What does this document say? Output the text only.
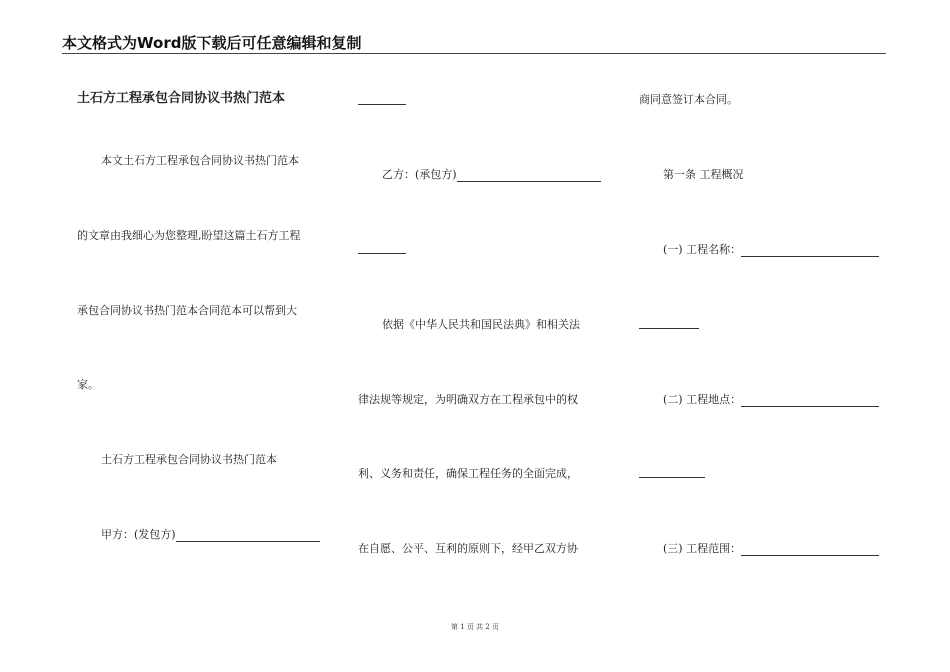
本文格式为Word版下载后可任意编辑和复制
土石方工程承包合同协议书热门范本
本文土石方工程承包合同协议书热门范本
的文章由我细心为您整理,盼望这篇土石方工程
承包合同协议书热门范本合同范本可以帮到大
家。
土石方工程承包合同协议书热门范本
甲方：(发包方)
乙方：(承包方)
依据《中华人民共和国民法典》和相关法
律法规等规定，为明确双方在工程承包中的权
利、义务和责任，确保工程任务的全面完成，
在自愿、公平、互利的原则下，经甲乙双方协
商同意签订本合同。
第一条 工程概况
(一) 工程名称：
(二) 工程地点：
(三) 工程范围：
第 1 页 共 2 页
